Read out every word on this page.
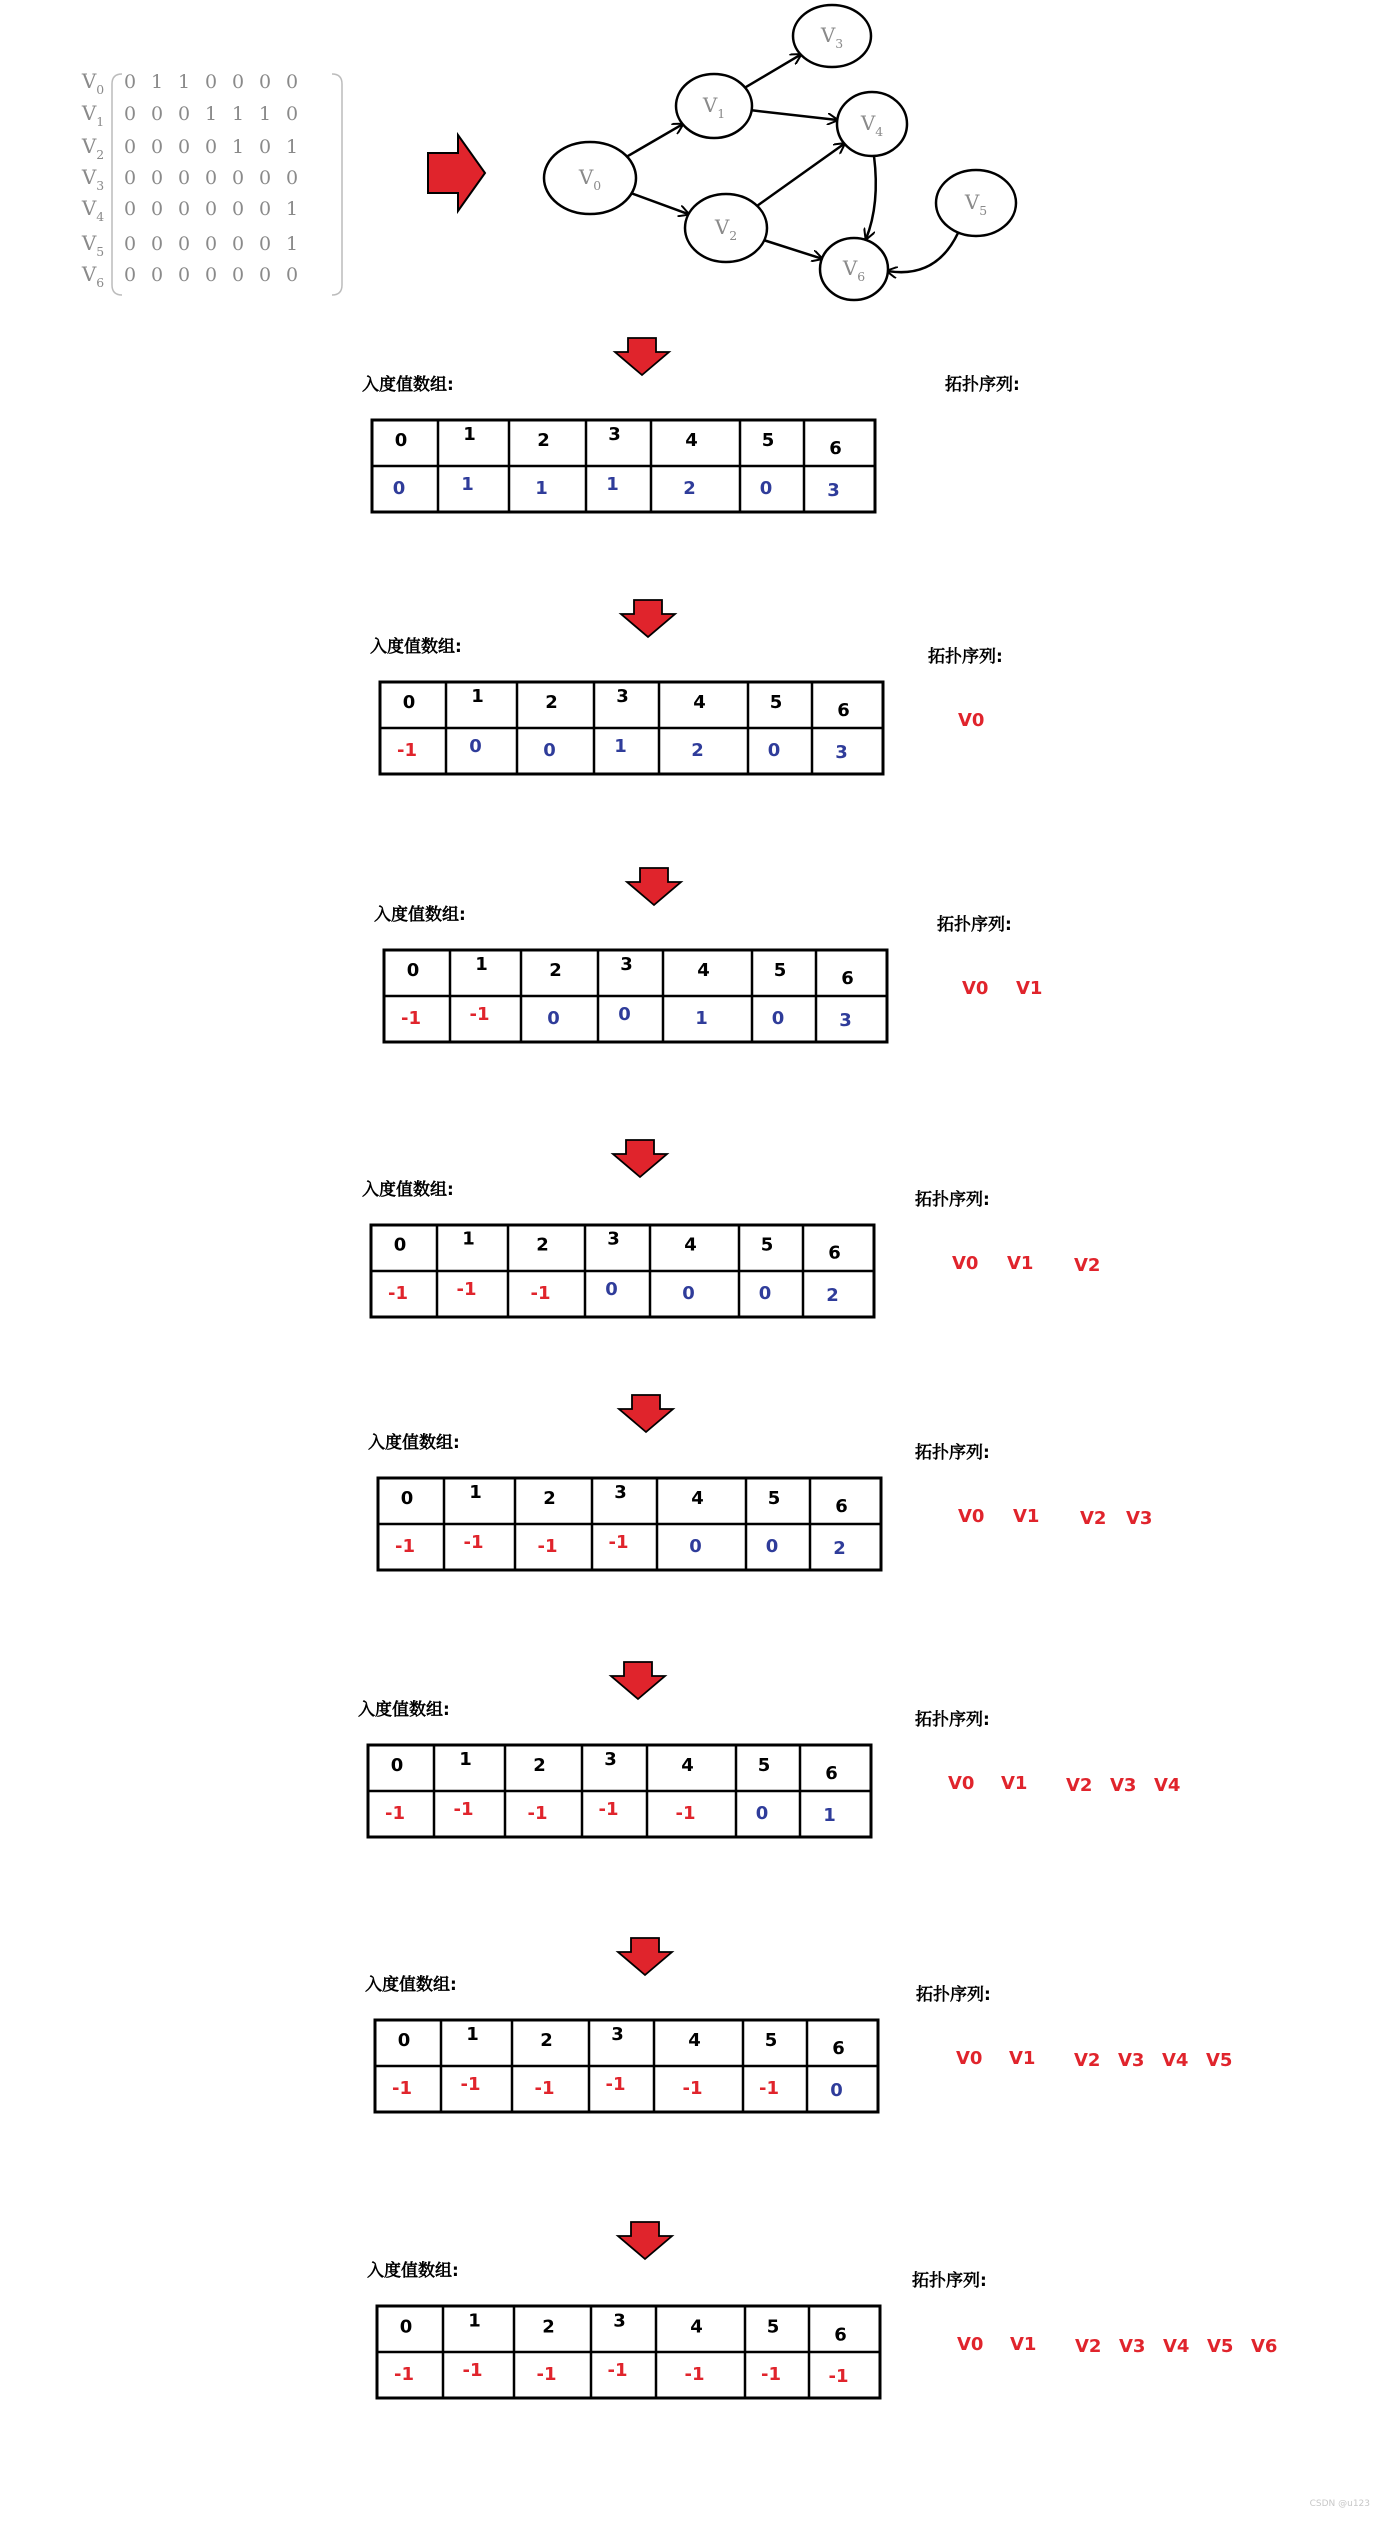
$V_0$ 0 1 1 0 0 0 0
$V_1$ 0 0 0 1 1 1 0
$V_2$ 0 0 0 0 1 0 1
$V_3$ 0 0 0 0 0 0 0
$V_4$ 0 0 0 0 0 0 1
$V_5$ 0 0 0 0 0 0 1
$V_6$ 0 0 0 0 0 0 0
$V_0$
$V_1$
$V_2$
$V_3$
$V_4$
$V_5$
$V_6$
入度值数组:	拓扑序列:
0	1	2	3	4	5	6
0	1	1	1	2	0	3
入度值数组:	拓扑序列:
0	1	2	3	4	5	6
-1	0	0	1	2	0	3
V0
入度值数组:	拓扑序列:
0	1	2	3	4	5	6
-1	-1	0	0	1	0	3
V0 V1
入度值数组:	拓扑序列:
0	1	2	3	4	5	6
-1	-1	-1	0	0	0	2
V0 V1 V2
入度值数组:	拓扑序列:
0	1	2	3	4	5	6
-1	-1	-1	-1	0	0	2
V0 V1 V2 V3
入度值数组:	拓扑序列:
0	1	2	3	4	5	6
-1	-1	-1	-1	-1	0	1
V0 V1 V2 V3 V4
入度值数组:	拓扑序列:
0	1	2	3	4	5	6
-1	-1	-1	-1	-1	-1	0
V0 V1 V2 V3 V4 V5
入度值数组:	拓扑序列:
0	1	2	3	4	5	6
-1	-1	-1	-1	-1	-1	-1
V0 V1 V2 V3 V4 V5 V6
CSDN @u123
